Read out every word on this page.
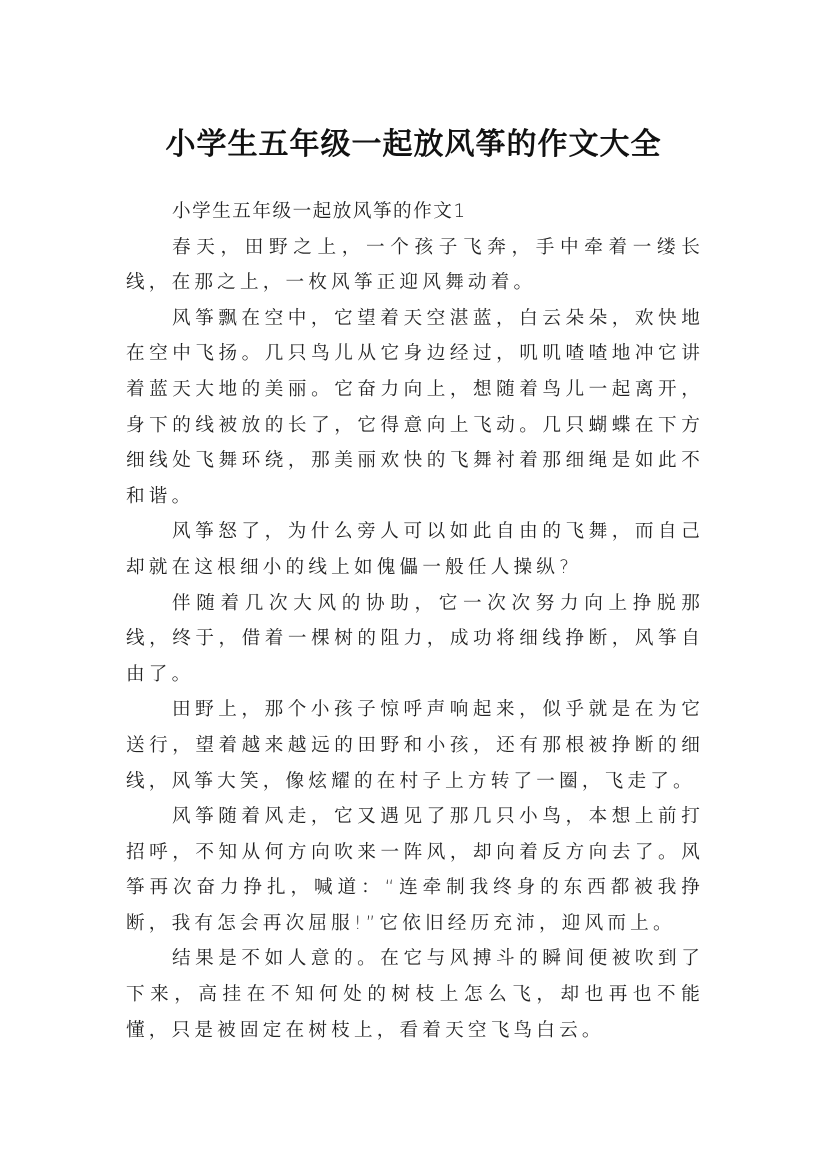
小学生五年级一起放风筝的作文大全

小学生五年级一起放风筝的作文1

春天，田野之上，一个孩子飞奔，手中牵着一缕长线，在那之上，一枚风筝正迎风舞动着。

风筝飘在空中，它望着天空湛蓝，白云朵朵，欢快地在空中飞扬。几只鸟儿从它身边经过，叽叽喳喳地冲它讲着蓝天大地的美丽。它奋力向上，想随着鸟儿一起离开，身下的线被放的长了，它得意向上飞动。几只蝴蝶在下方细线处飞舞环绕，那美丽欢快的飞舞衬着那细绳是如此不和谐。

风筝怒了，为什么旁人可以如此自由的飞舞，而自己却就在这根细小的线上如傀儡一般任人操纵?

伴随着几次大风的协助，它一次次努力向上挣脱那线，终于，借着一棵树的阻力，成功将细线挣断，风筝自由了。

田野上，那个小孩子惊呼声响起来，似乎就是在为它送行，望着越来越远的田野和小孩，还有那根被挣断的细线，风筝大笑，像炫耀的在村子上方转了一圈，飞走了。

风筝随着风走，它又遇见了那几只小鸟，本想上前打招呼，不知从何方向吹来一阵风，却向着反方向去了。风筝再次奋力挣扎，喊道：“连牵制我终身的东西都被我挣断，我有怎会再次屈服!”它依旧经历充沛，迎风而上。

结果是不如人意的。在它与风搏斗的瞬间便被吹到了下来，高挂在不知何处的树枝上怎么飞，却也再也不能懂，只是被固定在树枝上，看着天空飞鸟白云。
